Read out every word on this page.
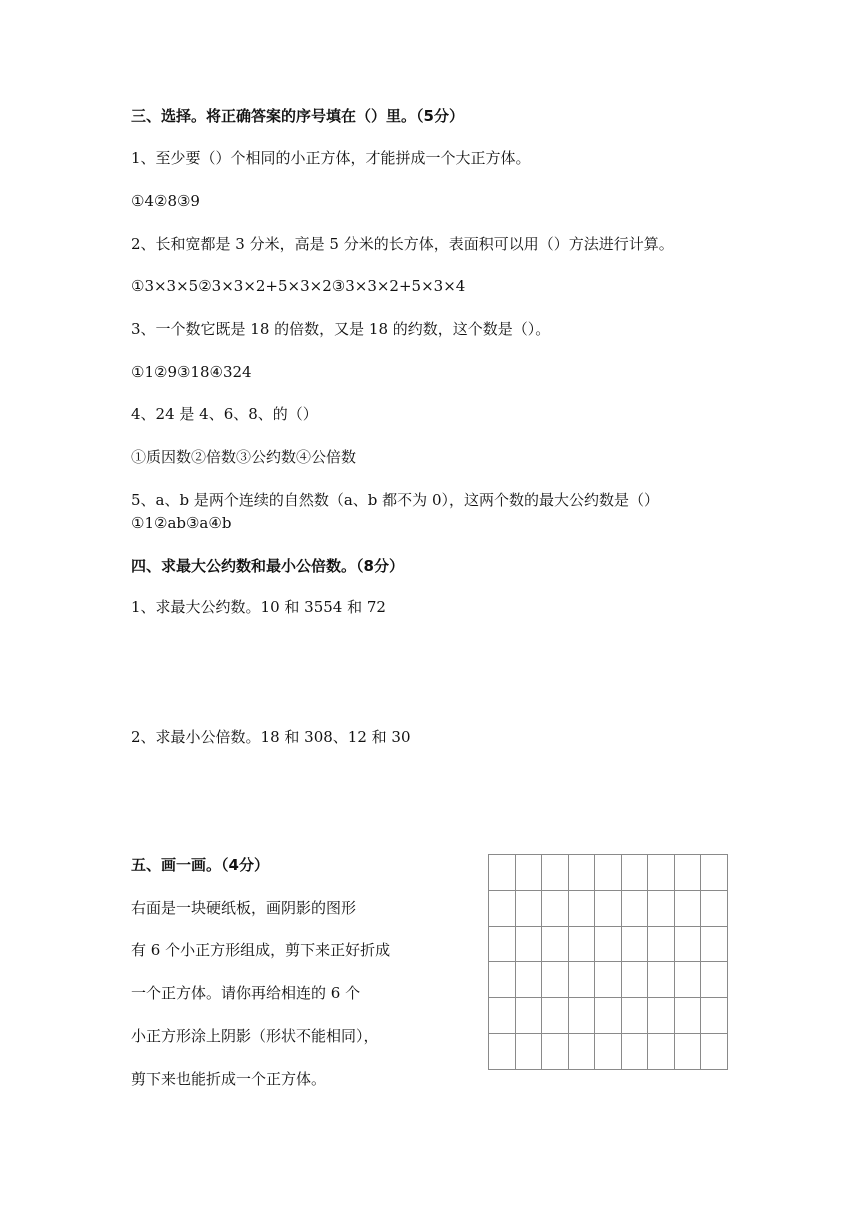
三、选择。将正确答案的序号填在（）里。（5分）
1、至少要（）个相同的小正方体，才能拼成一个大正方体。
①4②8③9
2、长和宽都是 3 分米，高是 5 分米的长方体，表面积可以用（）方法进行计算。
①3×3×5②3×3×2+5×3×2③3×3×2+5×3×4
3、一个数它既是 18 的倍数，又是 18 的约数，这个数是（）。
①1②9③18④324
4、24 是 4、6、8、的（）
①质因数②倍数③公约数④公倍数
5、a、b 是两个连续的自然数（a、b 都不为 0），这两个数的最大公约数是（）
①1②ab③a④b
四、求最大公约数和最小公倍数。（8分）
1、求最大公约数。10 和 3554 和 72
2、求最小公倍数。18 和 308、12 和 30
五、画一画。（4分）
右面是一块硬纸板，画阴影的图形
有 6 个小正方形组成，剪下来正好折成
一个正方体。请你再给相连的 6 个
小正方形涂上阴影（形状不能相同），
剪下来也能折成一个正方体。
